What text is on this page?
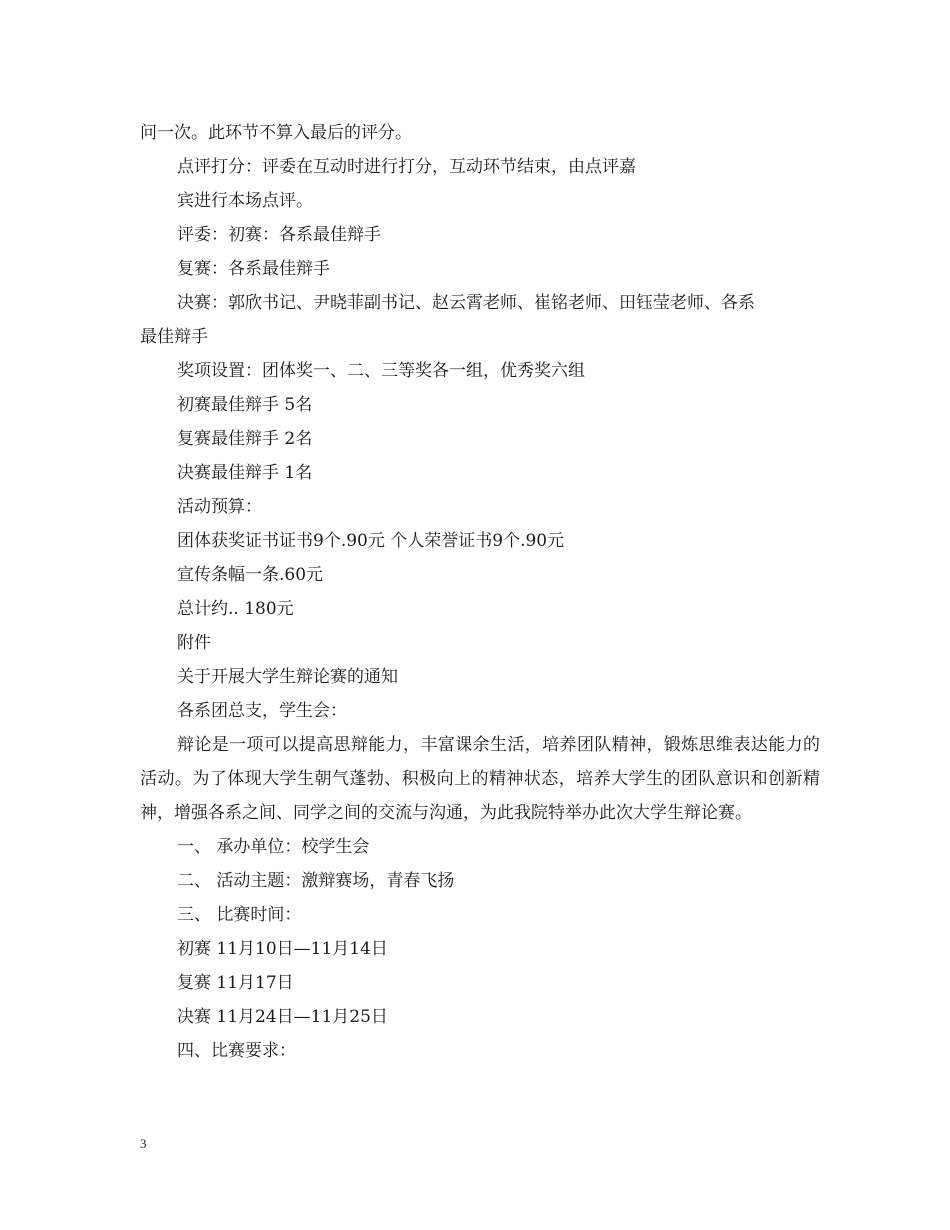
问一次。此环节不算入最后的评分。
点评打分：评委在互动时进行打分，互动环节结束，由点评嘉
宾进行本场点评。
评委：初赛：各系最佳辩手
复赛：各系最佳辩手
决赛：郭欣书记、尹晓菲副书记、赵云霄老师、崔铭老师、田钰莹老师、各系
最佳辩手
奖项设置：团体奖一、二、三等奖各一组，优秀奖六组
初赛最佳辩手 5名
复赛最佳辩手 2名
决赛最佳辩手 1名
活动预算：
团体获奖证书证书9个.90元 个人荣誉证书9个.90元
宣传条幅一条.60元
总计约.. 180元
附件
关于开展大学生辩论赛的通知
各系团总支，学生会：

辩论是一项可以提高思辩能力，丰富课余生活，培养团队精神，锻炼思维表达能力的活动。为了体现大学生朝气蓬勃、积极向上的精神状态，培养大学生的团队意识和创新精神，增强各系之间、同学之间的交流与沟通，为此我院特举办此次大学生辩论赛。

一、 承办单位：校学生会
二、 活动主题：激辩赛场，青春飞扬
三、 比赛时间：
初赛 11月10日—11月14日
复赛 11月17日
决赛 11月24日—11月25日
四、比赛要求：
3
